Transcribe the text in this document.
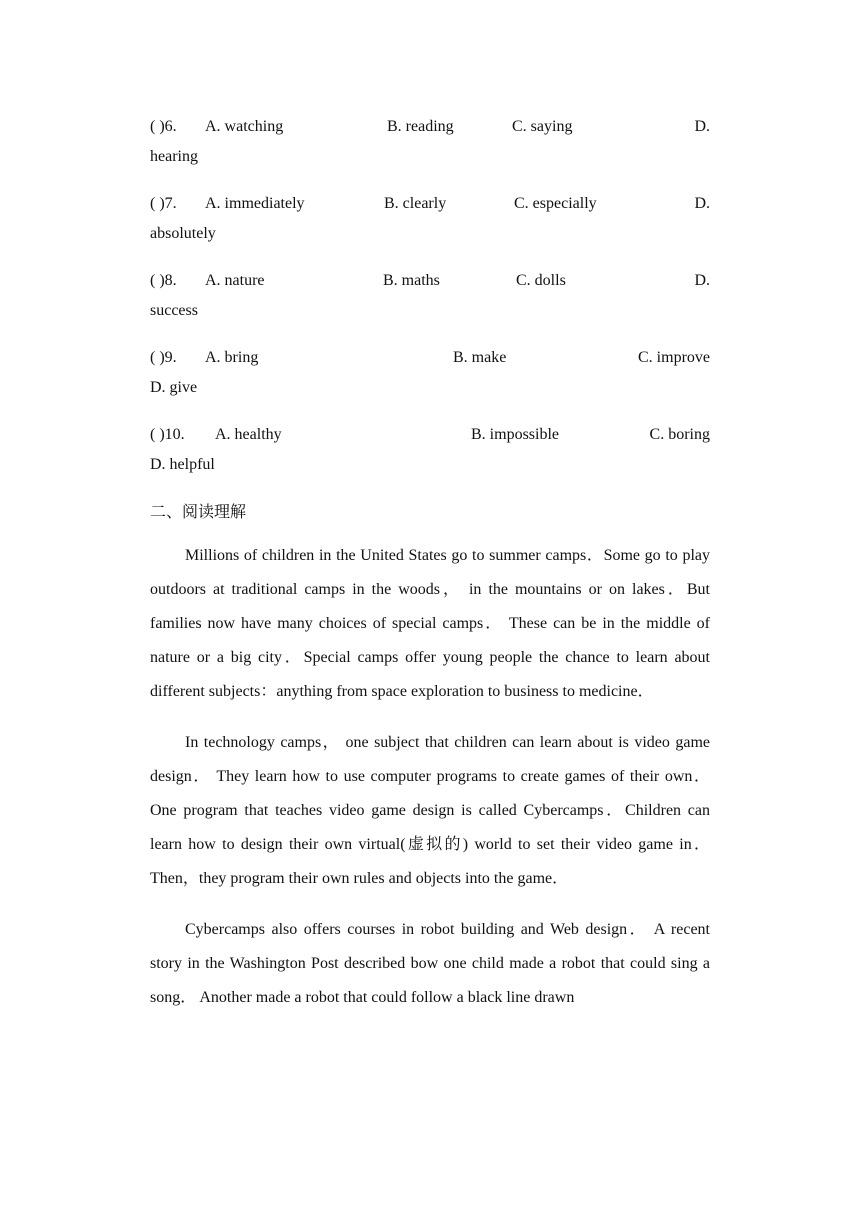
( )6. A. watching	B. reading	C. saying	D.
hearing
( )7. A. immediately	B. clearly	C. especially	D.
absolutely
( )8. A. nature	B. maths	C. dolls	D.
success
( )9. A. bring	B. make	C. improve
D. give
( )10. A. healthy	B. impossible	C. boring
D. helpful
二、阅读理解

Millions of children in the United States go to summer camps．Some go to play outdoors at traditional camps in the woods， in the mountains or on lakes．But families now have many choices of special camps． These can be in the middle of nature or a big city．Special camps offer young people the chance to learn about different subjects：anything from space exploration to business to medicine．

In technology camps， one subject that children can learn about is video game design． They learn how to use computer programs to create games of their own． One program that teaches video game design is called Cybercamps．Children can learn how to design their own virtual(虚拟的) world to set their video game in．Then，they program their own rules and objects into the game．

Cybercamps also offers courses in robot building and Web design． A recent story in the Washington Post described bow one child made a robot that could sing a song． Another made a robot that could follow a black line drawn
